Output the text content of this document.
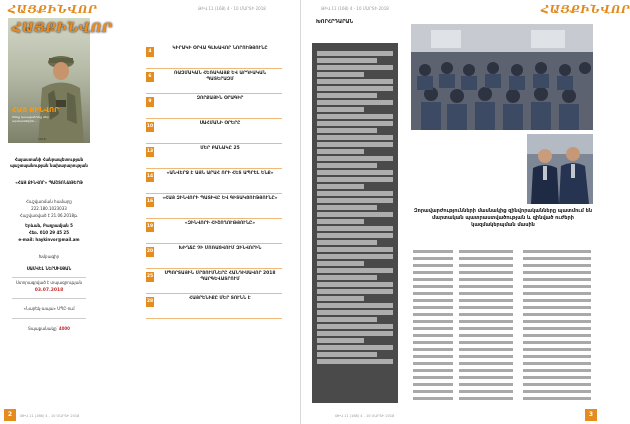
ՀԱՅՔԻՆՎՈՐ	ԹԻՎ 11 (168) 4 - 10 ՄԱՐՏԻ 2018
ՀԱՅՔԻՆՎՈՐ
ՀԱՅ ՔԻՆՎՈՐ
Մենք կապված ենք մեր արմատներին...
2018
Հայաստանի Հանրապետության պաշտպանության նախարարության
«ՀԱՅ ՔԻՆՎՈՐ» ՊԱՇՏՈՆԱԹԵՐԹ
Հաշվառման համարը
222.180.1023033
Հաշվառված է 21.06.2018թ.
Երևան, Բաղրամյան 5
Հեռ. 010 29 45 25
e-mail: haykinvor@mail.am
Խմբագիր
ՍԱՄՎԵԼ ՆԵՐՍԻՍՅԱՆ
Ստորագրված է տպագրության
03.07.2018
«Նարեկ-ապա» ՍՊԸ-ում
Տպաքանակը՝ 4000
4
ԿԻՐԱԿԻ ՕՐՎԱ ԳԼԽԱՎՈՐ ՆՈՐՈՒԹՅՈՒՆԸ
6
ՌԱԶՄԱԿԱՆ ՀԵՌԱԿԱՅՔ ԵՎ ԱՐԴԻԱԿԱՆ ՊԱՏԵՐԱԶՄ
9
ԶՈՐՔԱՅԻՆ ՕՐԱԳԻՐ
10
ՍԱՀՄԱՆԻ ՕՐԵՐԸ
13
ՄԵՐ ԲԱՆԱԿԸ 25
14
«ԱՆՎԵՐՋ Է ԱՅՆ ԱՐԱՀ ՈՐԻ ՀԵՏ ԱՊՐԵԼ ԵՆՔ»
16
«ՀԱՅ ԶԻՆՎՈՐԻ ՊԱՏԻՎԸ ԵՎ ԳԻՏԱԿՑՈՒԹՅՈՒՆԸ»
19
«ԶԻՆՎՈՐԻ ՀԻՇՈՂՈՒԹՅՈՒՆԸ»
20
ԽԻՂՃԸ ՉԻ ՄՈՌԱՑՎՈՒՄ ԶԻՆՎՈՐԻՆ
25
ՍՊՈՐՏԱՅԻՆ ՄՐՑՈՒՄՆԵՐԸ ՀԱՆԴԻՍԱՎՈՐ 2018 ՊԱՐԳԵՎԱՏՐՈՒՄ
28
ՀԱՅՐԵՆԻՔԸ ՄԵՐ ՏՈՒՆՆ Է
2	ԹԻՎ 11 (168) 4 - 10 ՄԱՐՏԻ 2018
ԹԻՎ 11 (168) 4 - 10 ՄԱՐՏԻ 2018	ՀԱՅՔԻՆՎՈՐ
ԽՈՐՀՐԴԱՐԱՆ
Զորավարժությունների մասնակից զինվորականները պատմում են մարտական պատրաստվածության և զինված ուժերի կազմակերպման մասին
ԹԻՎ 11 (168) 4 - 10 ՄԱՐՏԻ 2018	3
